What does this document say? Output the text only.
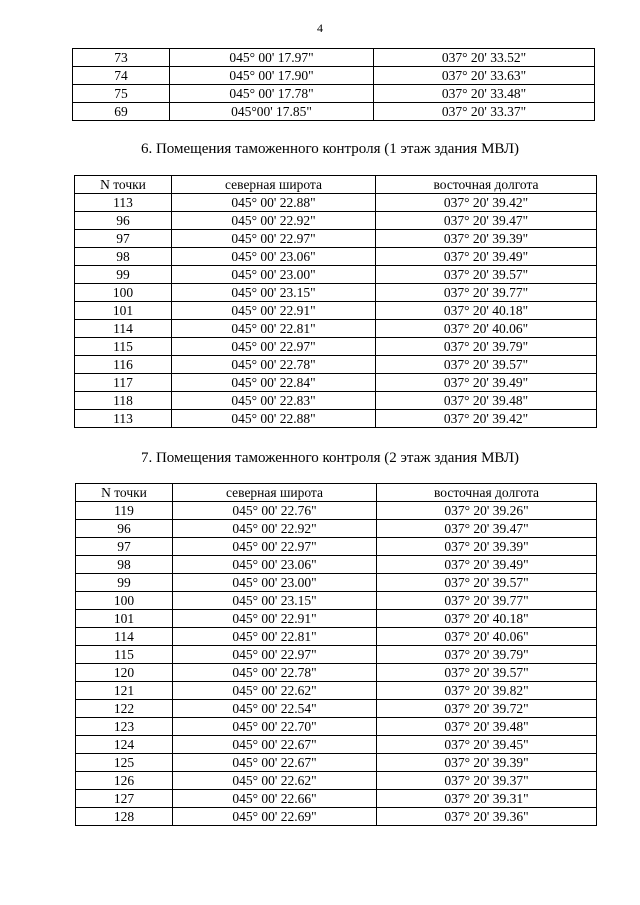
4
73	045° 00' 17.97"	037° 20' 33.52"
74	045° 00' 17.90"	037° 20' 33.63"
75	045° 00' 17.78"	037° 20' 33.48"
69	045°00' 17.85"	037° 20' 33.37"
6. Помещения таможенного контроля (1 этаж здания МВЛ)
N точки	северная широта	восточная долгота
113	045° 00' 22.88"	037° 20' 39.42"
96	045° 00' 22.92"	037° 20' 39.47"
97	045° 00' 22.97"	037° 20' 39.39"
98	045° 00' 23.06"	037° 20' 39.49"
99	045° 00' 23.00"	037° 20' 39.57"
100	045° 00' 23.15"	037° 20' 39.77"
101	045° 00' 22.91"	037° 20' 40.18"
114	045° 00' 22.81"	037° 20' 40.06"
115	045° 00' 22.97"	037° 20' 39.79"
116	045° 00' 22.78"	037° 20' 39.57"
117	045° 00' 22.84"	037° 20' 39.49"
118	045° 00' 22.83"	037° 20' 39.48"
113	045° 00' 22.88"	037° 20' 39.42"
7. Помещения таможенного контроля (2 этаж здания МВЛ)
N точки	северная широта	восточная долгота
119	045° 00' 22.76"	037° 20' 39.26"
96	045° 00' 22.92"	037° 20' 39.47"
97	045° 00' 22.97"	037° 20' 39.39"
98	045° 00' 23.06"	037° 20' 39.49"
99	045° 00' 23.00"	037° 20' 39.57"
100	045° 00' 23.15"	037° 20' 39.77"
101	045° 00' 22.91"	037° 20' 40.18"
114	045° 00' 22.81"	037° 20' 40.06"
115	045° 00' 22.97"	037° 20' 39.79"
120	045° 00' 22.78"	037° 20' 39.57"
121	045° 00' 22.62"	037° 20' 39.82"
122	045° 00' 22.54"	037° 20' 39.72"
123	045° 00' 22.70"	037° 20' 39.48"
124	045° 00' 22.67"	037° 20' 39.45"
125	045° 00' 22.67"	037° 20' 39.39"
126	045° 00' 22.62"	037° 20' 39.37"
127	045° 00' 22.66"	037° 20' 39.31"
128	045° 00' 22.69"	037° 20' 39.36"
